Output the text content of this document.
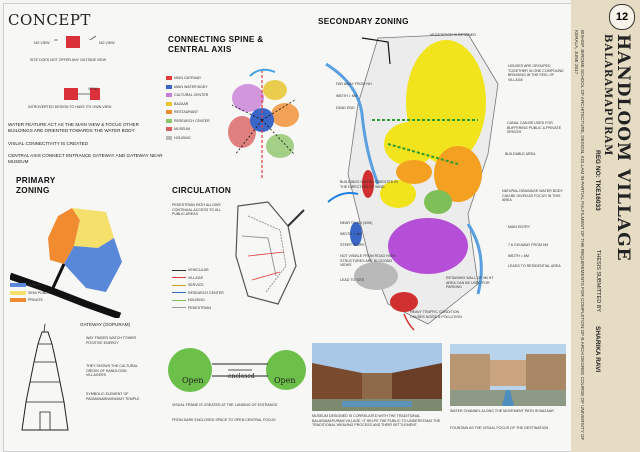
CONCEPT
NO VIEW	NO VIEW
SITE DOES NOT OFFER ANY OUTSIDE VIEW
VIEW
INTROVERTED DESIGN TO HAVE ITS OWN VIEW
WATER FEATURE ACT AS THE MAIN VIEW & FOCUS OTHER BUILDINGS ARE ORIENTED TOWARDS THE WATER BODY
VISUAL CONNECTIVITY IS CREATED
CENTRAL AXIS CONNECT ENTRANCE GATEWAY AND GATEWAY NEAR MUSEUM
CONNECTING SPINE & CENTRAL AXIS
MAIN GATEWAY
MAIN WATER BODY
CULTURAL CENTER
BAZAAR
RESTAURANT
RESEARCH CENTER
MUSEUM
HOUSING
PRIMARY ZONING
PUBLIC
SEMI PUBLIC
PRIVATE
CIRCULATION
PEDESTRIAN PATH ALLOWS CONTINUAL ACCESS TO ALL PUBLIC AREAS
VEHICULAR
VILLAGE
SERVICE
RESEARCH CENTER
HOUSING
PEDESTRIAN
GATEWAY (GOPURAM)
WAY FINDER WATCH TOWER POSITIVE ENERGY
THEY SHOWS THE CULTURAL ORIGIN OF HANDLOOM VILLAGERS
SYMBOLIC ELEMENT OF PADMANABHASWAMY TEMPLE
Open	enclosed Open
VISUAL FRAME IS CREATED AT THE LANDING OF ENTRANCE
FROM DARK ENCLOSED SPACE TO OPEN CENTRAL FOCUS
SECONDARY ZONING
VEGETATION IS RETAINED
HOUSES ARE GROUPED TOGETHER IN ONE COMPOUND BRINGING IN THE FEEL OF VILLAGE
FAR AWAY FROM NH
WIDTH = 6M
DEAD END
CANAL CAN BE USED FOR BUFFERING PUBLIC & PRIVATE SPACES
BUILDABLE AREA
BUILDINGS CAN BE ORIENTED IN THE DIRECTION OF WIND
NATURAL DRAINAGE WATER BODY CAN BE GIVEN AS FOCUS IN THIS AREA
MAIN ENTRY
7.6 CM AWAY FROM NH
WIDTH = 6M
LEADS TO RESIDENTIAL AREA
NEAR TO NH (50M)
WIDTH = 4M
STEEP SLOPE
NOT VISIBLE FROM ROAD HIGH STRUCTURES ARE BLOCKING VIEWS
LEAD TO SITE	RETAINING WALL OF 4M HT AREA CAN BE USED FOR PARKING
HEAVY TRAFFIC CONDITION CAUSES NOISE & POLLUTION
MUSEUM DESIGNED IS CORRELATED WITH THE TRADITIONAL BALARAMAPURAM VILLAGE. IT HELPS THE PUBLIC TO UNDERSTAND THE TRADITIONAL WEAVING PROCESS AND THEIR SETTLEMENT.
WATER CHANNEL ALONG THE MOVEMENT PATH IN BAZAAR
FOUNTAIN AS THE VISUAL FOCUS OF THE DESTINATION
12
HANDLOOM VILLAGE
BALARAMAPURAM
THESIS SUBMITTED BY
SHARIKA RAVI
REG NO: TKE16033
BISHOP JEROME SCHOOL OF ARCHITECTURE, DESIGN, KOLLAM IN PARTIAL FULFILMENT OF THE REQUIREMENTS FOR COMPLETION OF B.ARCH DEGREE COURSE OF UNIVERSITY OF KERALA, JUNE 2017
